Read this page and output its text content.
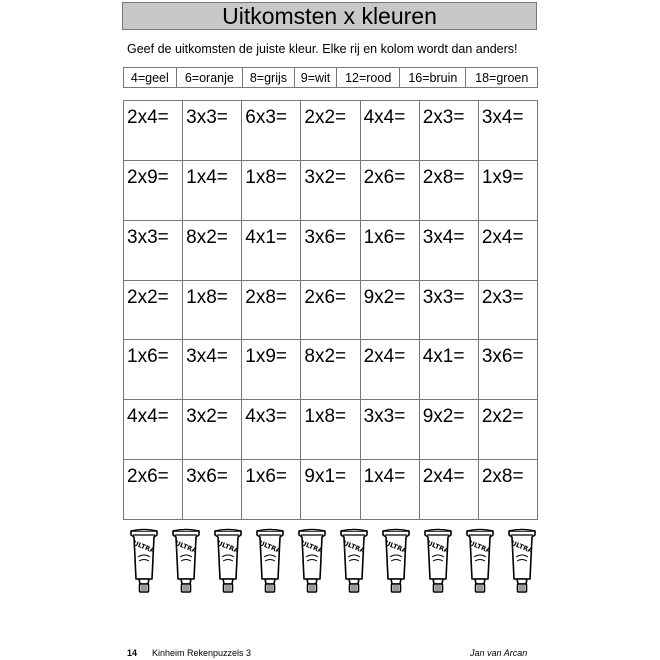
Uitkomsten x kleuren
Geef de uitkomsten de juiste kleur. Elke rij en kolom wordt dan anders!
4=geel	6=oranje	8=grijs	9=wit	12=rood	16=bruin	18=groen
2x4=	3x3=	6x3=	2x2=	4x4=	2x3=	3x4=
2x9=	1x4=	1x8=	3x2=	2x6=	2x8=	1x9=
3x3=	8x2=	4x1=	3x6=	1x6=	3x4=	2x4=
2x2=	1x8=	2x8=	2x6=	9x2=	3x3=	2x3=
1x6=	3x4=	1x9=	8x2=	2x4=	4x1=	3x6=
4x4=	3x2=	4x3=	1x8=	3x3=	9x2=	2x2=
2x6=	3x6=	1x6=	9x1=	1x4=	2x4=	2x8=
ULTRA	ULTRA	ULTRA	ULTRA	ULTRA	ULTRA	ULTRA	ULTRA	ULTRA	ULTRA
14 Kinheim Rekenpuzzels 3	Jan van Arcan
